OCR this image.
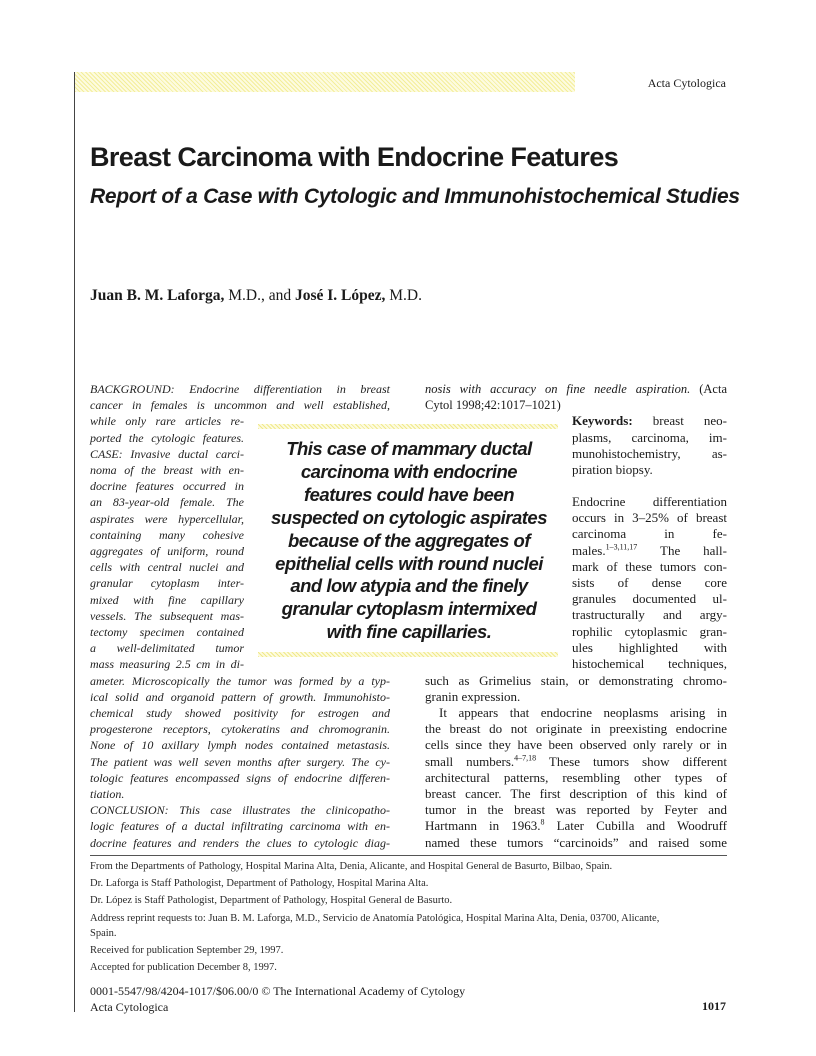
Acta Cytologica
Breast Carcinoma with Endocrine Features
Report of a Case with Cytologic and Immunohistochemical Studies
Juan B. M. Laforga, M.D., and José I. López, M.D.

BACKGROUND: Endocrine differentiation in breast

cancer in females is uncommon and well established,

while only rare articles re-

ported the cytologic features.

CASE: Invasive ductal carci-

noma of the breast with en-

docrine features occurred in

an 83-year-old female. The

aspirates were hypercellular,

containing many cohesive

aggregates of uniform, round

cells with central nuclei and

granular cytoplasm inter-

mixed with fine capillary

vessels. The subsequent mas-

tectomy specimen contained

a well-delimitated tumor

mass measuring 2.5 cm in di-

ameter. Microscopically the tumor was formed by a typ-

ical solid and organoid pattern of growth. Immunohisto-

chemical study showed positivity for estrogen and

progesterone receptors, cytokeratins and chromogranin.

None of 10 axillary lymph nodes contained metastasis.

The patient was well seven months after surgery. The cy-

tologic features encompassed signs of endocrine differen-

tiation.

CONCLUSION: This case illustrates the clinicopatho-

logic features of a ductal infiltrating carcinoma with en-

docrine features and renders the clues to cytologic diag-

nosis with accuracy on fine needle aspiration. (Acta

Cytol 1998;42:1017–1021)

Keywords: breast neo-

plasms, carcinoma, im-

munohistochemistry, as-

piration biopsy.

Endocrine differentiation

occurs in 3–25% of breast

carcinoma in fe-

males.$^{1-3,11,17}$ The hall-

mark of these tumors con-

sists of dense core

granules documented ul-

trastructurally and argy-

rophilic cytoplasmic gran-

ules highlighted with

histochemical techniques,

such as Grimelius stain, or demonstrating chromo-

granin expression.

It appears that endocrine neoplasms arising in

the breast do not originate in preexisting endocrine

cells since they have been observed only rarely or in

small numbers.$^{4-7,18}$ These tumors show different

architectural patterns, resembling other types of

breast cancer. The first description of this kind of

tumor in the breast was reported by Feyter and

Hartmann in 1963.$^8$ Later Cubilla and Woodruff

named these tumors “carcinoids” and raised some

This case of mammary ductal
carcinoma with endocrine
features could have been
suspected on cytologic aspirates
because of the aggregates of
epithelial cells with round nuclei
and low atypia and the finely
granular cytoplasm intermixed
with fine capillaries.
From the Departments of Pathology, Hospital Marina Alta, Denia, Alicante, and Hospital General de Basurto, Bilbao, Spain.
Dr. Laforga is Staff Pathologist, Department of Pathology, Hospital Marina Alta.
Dr. López is Staff Pathologist, Department of Pathology, Hospital General de Basurto.
Address reprint requests to: Juan B. M. Laforga, M.D., Servicio de Anatomía Patológica, Hospital Marina Alta, Denia, 03700, Alicante,
Spain.
Received for publication September 29, 1997.
Accepted for publication December 8, 1997.
0001-5547/98/4204-1017/$06.00/0 © The International Academy of Cytology
Acta Cytologica	1017
